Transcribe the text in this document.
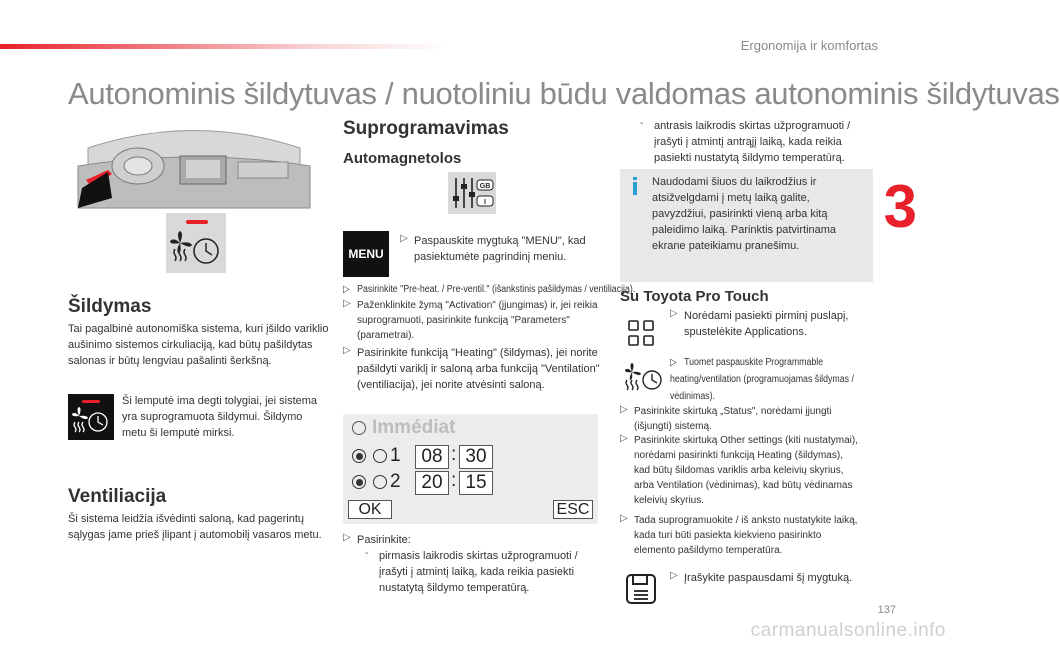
Ergonomija ir komfortas
Autonominis šildytuvas / nuotoliniu būdu valdomas autonominis šildytuvas
3
Šildymas
Tai pagalbinė autonomiška sistema, kuri įšildo variklio aušinimo sistemos cirkuliaciją, kad būtų pašildytas salonas ir būtų lengviau pašalinti šerkšną.
Ši lemputė ima degti tolygiai, jei sistema yra suprogramuota šildymui. Šildymo metu ši lemputė mirksi.
Ventiliacija
Ši sistema leidžia išvėdinti saloną, kad pagerintų sąlygas jame prieš įlipant į automobilį vasaros metu.
Suprogramavimas
Automagnetolos
GB
I
MENU
▷ Paspauskite mygtuką "MENU", kad pasiektumėte pagrindinį meniu.
▷ Pasirinkite "Pre-heat. / Pre-ventil." (išankstinis pašildymas / ventiliacija).
▷ Paženklinkite žymą "Activation" (įjungimas) ir, jei reikia suprogramuoti, pasirinkite funkciją "Parameters" (parametrai).
▷ Pasirinkite funkciją "Heating" (šildymas), jei norite pašildyti variklį ir saloną arba funkciją "Ventilation" (ventiliacija), jei norite atvėsinti saloną.
Immédiat
1	08 : 30
2	20 : 15
OK	ESC
▷ Pasirinkite:
- pirmasis laikrodis skirtas užprogramuoti / įrašyti į atmintį laiką, kada reikia pasiekti nustatytą šildymo temperatūrą.
- antrasis laikrodis skirtas užprogramuoti / įrašyti į atmintį antrąjį laiką, kada reikia pasiekti nustatytą šildymo temperatūrą.
Naudodami šiuos du laikrodžius ir atsižvelgdami į metų laiką galite, pavyzdžiui, pasirinkti vieną arba kitą paleidimo laiką. Parinktis patvirtinama ekrane pateikiamu pranešimu.
Su Toyota Pro Touch
▷ Norėdami pasiekti pirminį puslapį, spustelėkite Applications.
▷ Tuomet paspauskite Programmable heating/ventilation (programuojamas šildymas / vėdinimas).
▷ Pasirinkite skirtuką „Status", norėdami įjungti (išjungti) sistemą.
▷ Pasirinkite skirtuką Other settings (kiti nustatymai), norėdami pasirinkti funkciją Heating (šildymas), kad būtų šildomas variklis arba keleivių skyrius, arba Ventilation (vėdinimas), kad būtų vėdinamas keleivių skyrius.
▷ Tada suprogramuokite / iš anksto nustatykite laiką, kada turi būti pasiekta kiekvieno pasirinkto elemento pašildymo temperatūra.
▷ Įrašykite paspausdami šį mygtuką.
137
carmanualsonline.info
